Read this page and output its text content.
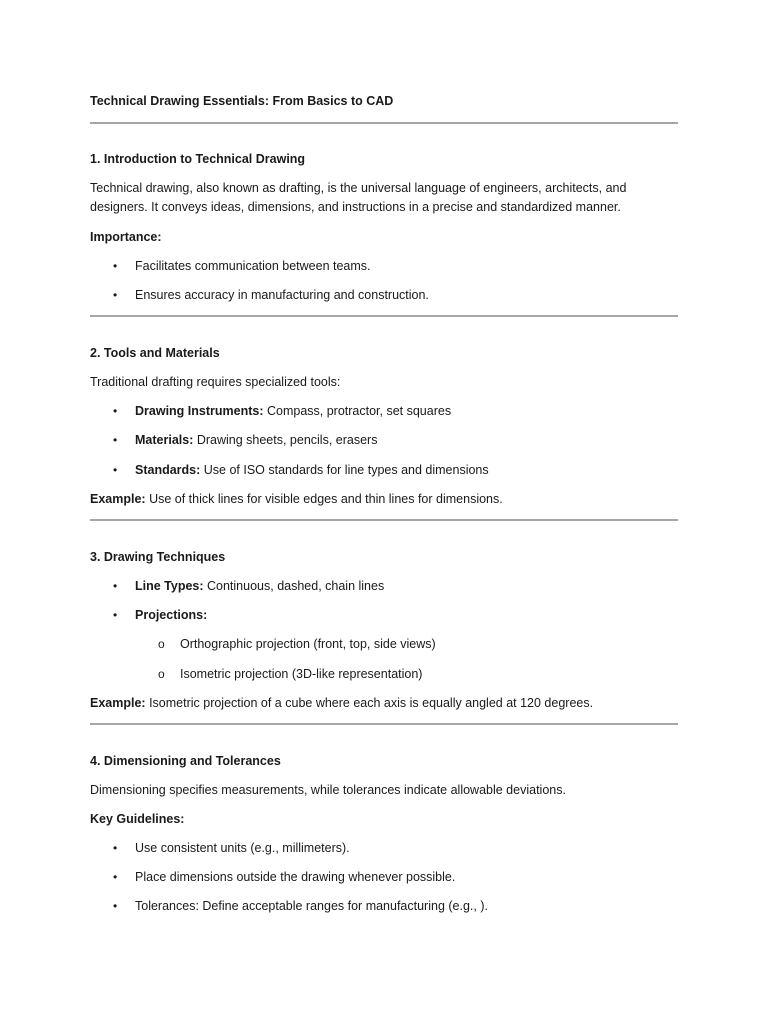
Technical Drawing Essentials: From Basics to CAD
1. Introduction to Technical Drawing
Technical drawing, also known as drafting, is the universal language of engineers, architects, and
designers. It conveys ideas, dimensions, and instructions in a precise and standardized manner.
Importance:
• Facilitates communication between teams.
• Ensures accuracy in manufacturing and construction.
2. Tools and Materials
Traditional drafting requires specialized tools:
• Drawing Instruments: Compass, protractor, set squares
• Materials: Drawing sheets, pencils, erasers
• Standards: Use of ISO standards for line types and dimensions
Example: Use of thick lines for visible edges and thin lines for dimensions.
3. Drawing Techniques
• Line Types: Continuous, dashed, chain lines
• Projections:
o Orthographic projection (front, top, side views)
o Isometric projection (3D-like representation)
Example: Isometric projection of a cube where each axis is equally angled at 120 degrees.
4. Dimensioning and Tolerances
Dimensioning specifies measurements, while tolerances indicate allowable deviations.
Key Guidelines:
• Use consistent units (e.g., millimeters).
• Place dimensions outside the drawing whenever possible.
• Tolerances: Define acceptable ranges for manufacturing (e.g., ).
